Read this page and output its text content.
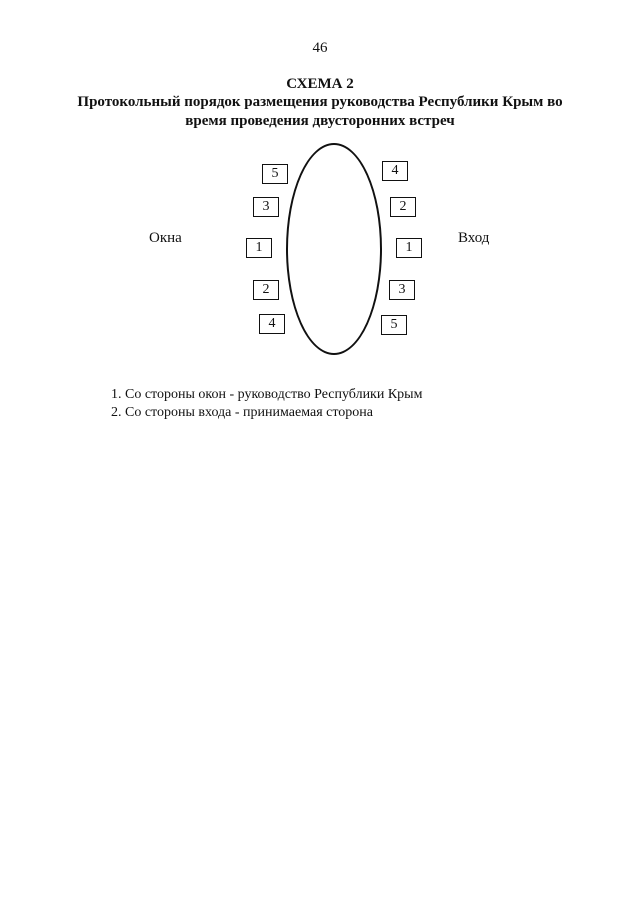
46
СХЕМА 2
Протокольный порядок размещения руководства Республики Крым во время проведения двусторонних встреч
Окна	Вход
5
3
1
2
4
4
2
1
3
5
1. Со стороны окон - руководство Республики Крым
2. Со стороны входа - принимаемая сторона
